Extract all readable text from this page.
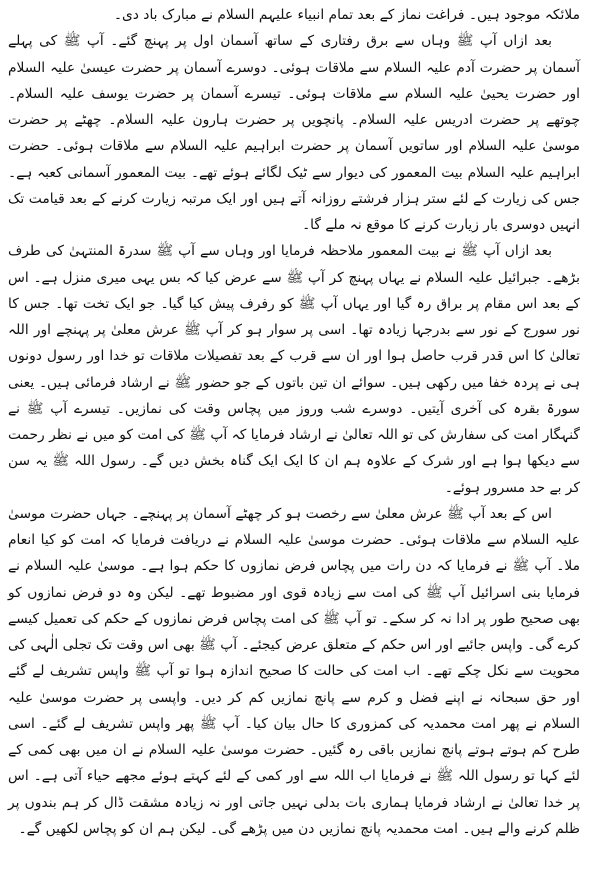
ملائکہ موجود ہیں۔ فراغت نماز کے بعد تمام انبیاء علیہم السلام نے مبارک باد دی۔

بعد ازاں آپ ﷺ وہاں سے برق رفتاری کے ساتھ آسمان اول پر پہنچ گئے۔ آپ ﷺ کی پہلے آسمان پر حضرت آدم علیہ السلام سے ملاقات ہوئی۔ دوسرے آسمان پر حضرت عیسیٰ علیہ السلام اور حضرت یحییٰ علیہ السلام سے ملاقات ہوئی۔ تیسرے آسمان پر حضرت یوسف علیہ السلام۔ چوتھے پر حضرت ادریس علیہ السلام۔ پانچویں پر حضرت ہارون علیہ السلام۔ چھٹے پر حضرت موسیٰ علیہ السلام اور ساتویں آسمان پر حضرت ابراہیم علیہ السلام سے ملاقات ہوئی۔ حضرت ابراہیم علیہ السلام بیت المعمور کی دیوار سے ٹیک لگائے ہوئے تھے۔ بیت المعمور آسمانی کعبہ ہے۔ جس کی زیارت کے لئے ستر ہزار فرشتے روزانہ آتے ہیں اور ایک مرتبہ زیارت کرنے کے بعد قیامت تک انہیں دوسری بار زیارت کرنے کا موقع نہ ملے گا۔

بعد ازاں آپ ﷺ نے بیت المعمور ملاحظہ فرمایا اور وہاں سے آپ ﷺ سدرۃ المنتہیٰ کی طرف بڑھے۔ جبرائیل علیہ السلام نے یہاں پہنچ کر آپ ﷺ سے عرض کیا کہ بس یہی میری منزل ہے۔ اس کے بعد اس مقام پر براق رہ گیا اور یہاں آپ ﷺ کو رفرف پیش کیا گیا۔ جو ایک تخت تھا۔ جس کا نور سورج کے نور سے بدرجہا زیادہ تھا۔ اسی پر سوار ہو کر آپ ﷺ عرش معلیٰ پر پہنچے اور اللہ تعالیٰ کا اس قدر قرب حاصل ہوا اور ان سے قرب کے بعد تفصیلات ملاقات تو خدا اور رسول دونوں ہی نے پردہ خفا میں رکھی ہیں۔ سوائے ان تین باتوں کے جو حضور ﷺ نے ارشاد فرمائی ہیں۔ یعنی سورۃ بقرہ کی آخری آیتیں۔ دوسرے شب وروز میں پچاس وقت کی نمازیں۔ تیسرے آپ ﷺ نے گنہگار امت کی سفارش کی تو اللہ تعالیٰ نے ارشاد فرمایا کہ آپ ﷺ کی امت کو میں نے نظر رحمت سے دیکھا ہوا ہے اور شرک کے علاوہ ہم ان کا ایک ایک گناہ بخش دیں گے۔ رسول اللہ ﷺ یہ سن کر بے حد مسرور ہوئے۔

اس کے بعد آپ ﷺ عرش معلیٰ سے رخصت ہو کر چھٹے آسمان پر پہنچے۔ جہاں حضرت موسیٰ علیہ السلام سے ملاقات ہوئی۔ حضرت موسیٰ علیہ السلام نے دریافت فرمایا کہ امت کو کیا انعام ملا۔ آپ ﷺ نے فرمایا کہ دن رات میں پچاس فرض نمازوں کا حکم ہوا ہے۔ موسیٰ علیہ السلام نے فرمایا بنی اسرائیل آپ ﷺ کی امت سے زیادہ قوی اور مضبوط تھے۔ لیکن وہ دو فرض نمازوں کو بھی صحیح طور پر ادا نہ کر سکے۔ تو آپ ﷺ کی امت پچاس فرض نمازوں کے حکم کی تعمیل کیسے کرے گی۔ واپس جائیے اور اس حکم کے متعلق عرض کیجئے۔ آپ ﷺ بھی اس وقت تک تجلی الٰہی کی محویت سے نکل چکے تھے۔ اب امت کی حالت کا صحیح اندازہ ہوا تو آپ ﷺ واپس تشریف لے گئے اور حق سبحانہ نے اپنے فضل و کرم سے پانچ نمازیں کم کر دیں۔ واپسی پر حضرت موسیٰ علیہ السلام نے پھر امت محمدیہ کی کمزوری کا حال بیان کیا۔ آپ ﷺ پھر واپس تشریف لے گئے۔ اسی طرح کم ہوتے ہوتے پانچ نمازیں باقی رہ گئیں۔ حضرت موسیٰ علیہ السلام نے ان میں بھی کمی کے لئے کہا تو رسول اللہ ﷺ نے فرمایا اب اللہ سے اور کمی کے لئے کہتے ہوئے مجھے حیاء آتی ہے۔ اس پر خدا تعالیٰ نے ارشاد فرمایا ہماری بات بدلی نہیں جاتی اور نہ زیادہ مشقت ڈال کر ہم بندوں پر ظلم کرنے والے ہیں۔ امت محمدیہ پانچ نمازیں دن میں پڑھے گی۔ لیکن ہم ان کو پچاس لکھیں گے۔
